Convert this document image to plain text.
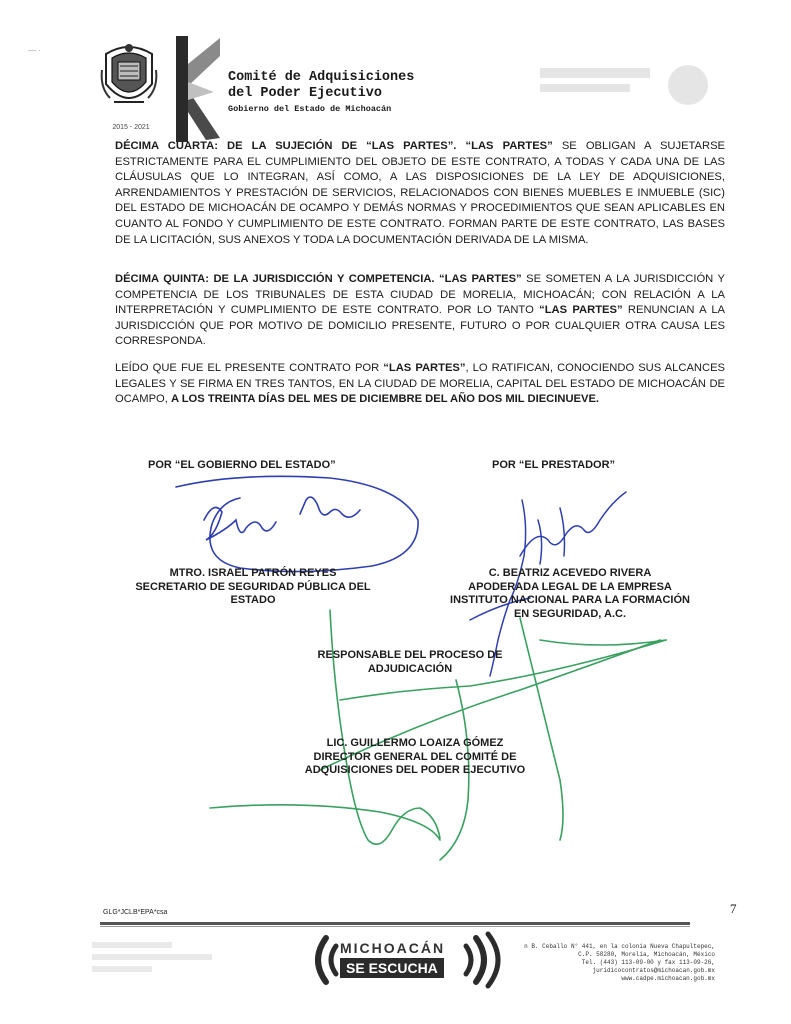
— ·
2015 - 2021
Comité de Adquisiciones
del Poder Ejecutivo
Gobierno del Estado de Michoacán

DÉCIMA CUARTA: DE LA SUJECIÓN DE “LAS PARTES”. “LAS PARTES” SE OBLIGAN A SUJETARSE ESTRICTAMENTE PARA EL CUMPLIMIENTO DEL OBJETO DE ESTE CONTRATO, A TODAS Y CADA UNA DE LAS CLÁUSULAS QUE LO INTEGRAN, ASÍ COMO, A LAS DISPOSICIONES DE LA LEY DE ADQUISICIONES, ARRENDAMIENTOS Y PRESTACIÓN DE SERVICIOS, RELACIONADOS CON BIENES MUEBLES E INMUEBLE (SIC) DEL ESTADO DE MICHOACÁN DE OCAMPO Y DEMÁS NORMAS Y PROCEDIMIENTOS QUE SEAN APLICABLES EN CUANTO AL FONDO Y CUMPLIMIENTO DE ESTE CONTRATO. FORMAN PARTE DE ESTE CONTRATO, LAS BASES DE LA LICITACIÓN, SUS ANEXOS Y TODA LA DOCUMENTACIÓN DERIVADA DE LA MISMA.

DÉCIMA QUINTA: DE LA JURISDICCIÓN Y COMPETENCIA. “LAS PARTES” SE SOMETEN A LA JURISDICCIÓN Y COMPETENCIA DE LOS TRIBUNALES DE ESTA CIUDAD DE MORELIA, MICHOACÁN; CON RELACIÓN A LA INTERPRETACIÓN Y CUMPLIMIENTO DE ESTE CONTRATO. POR LO TANTO “LAS PARTES” RENUNCIAN A LA JURISDICCIÓN QUE POR MOTIVO DE DOMICILIO PRESENTE, FUTURO O POR CUALQUIER OTRA CAUSA LES CORRESPONDA.

LEÍDO QUE FUE EL PRESENTE CONTRATO POR “LAS PARTES”, LO RATIFICAN, CONOCIENDO SUS ALCANCES LEGALES Y SE FIRMA EN TRES TANTOS, EN LA CIUDAD DE MORELIA, CAPITAL DEL ESTADO DE MICHOACÁN DE OCAMPO, A LOS TREINTA DÍAS DEL MES DE DICIEMBRE DEL AÑO DOS MIL DIECINUEVE.

POR “EL GOBIERNO DEL ESTADO”	POR “EL PRESTADOR”
MTRO. ISRAEL PATRÓN REYES
SECRETARIO DE SEGURIDAD PÚBLICA DEL
ESTADO
C. BEATRIZ ACEVEDO RIVERA
APODERADA LEGAL DE LA EMPRESA
INSTITUTO NACIONAL PARA LA FORMACIÓN
EN SEGURIDAD, A.C.
RESPONSABLE DEL PROCESO DE
ADJUDICACIÓN
LIC. GUILLERMO LOAIZA GÓMEZ
DIRECTOR GENERAL DEL COMITÉ DE
ADQUISICIONES DEL PODER EJECUTIVO
GLG*JCLB*EPA*csa	7
MICHOACÁN
SE ESCUCHA
n B. Ceballo N° 441, en la colonia Nueva Chapultepec,
C.P. 58280, Morelia, Michoacán, México
Tel. (443) 113-09-00 y fax 113-09-26,
juridicocontratos@michoacan.gob.mx
www.cadpe.michoacan.gob.mx
